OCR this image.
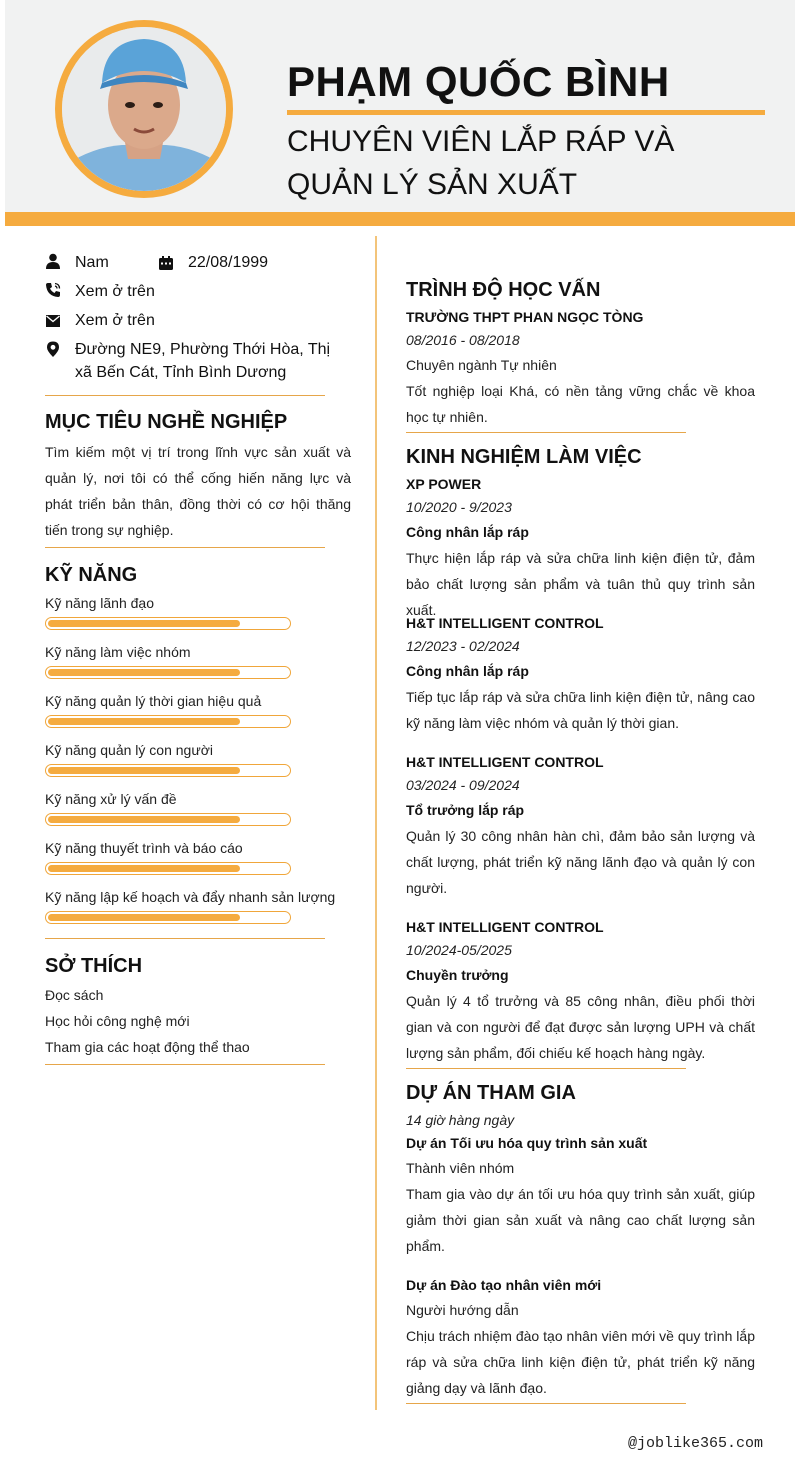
PHẠM QUỐC BÌNH
CHUYÊN VIÊN LẮP RÁP VÀ QUẢN LÝ SẢN XUẤT
Nam	22/08/1999
Xem ở trên
Xem ở trên
Đường NE9, Phường Thới Hòa, Thị xã Bến Cát, Tỉnh Bình Dương
MỤC TIÊU NGHỀ NGHIỆP
Tìm kiếm một vị trí trong lĩnh vực sản xuất và quản lý, nơi tôi có thể cống hiến năng lực và phát triển bản thân, đồng thời có cơ hội thăng tiến trong sự nghiệp.
KỸ NĂNG
Kỹ năng lãnh đạo
Kỹ năng làm việc nhóm
Kỹ năng quản lý thời gian hiệu quả
Kỹ năng quản lý con người
Kỹ năng xử lý vấn đề
Kỹ năng thuyết trình và báo cáo
Kỹ năng lập kế hoạch và đẩy nhanh sản lượng
SỞ THÍCH
Đọc sách
Học hỏi công nghệ mới
Tham gia các hoạt động thể thao
TRÌNH ĐỘ HỌC VẤN
TRƯỜNG THPT PHAN NGỌC TÒNG
08/2016 - 08/2018
Chuyên ngành Tự nhiên
Tốt nghiệp loại Khá, có nền tảng vững chắc về khoa học tự nhiên.
KINH NGHIỆM LÀM VIỆC
XP POWER
10/2020 - 9/2023
Công nhân lắp ráp
Thực hiện lắp ráp và sửa chữa linh kiện điện tử, đảm bảo chất lượng sản phẩm và tuân thủ quy trình sản xuất.
H&T INTELLIGENT CONTROL
12/2023 - 02/2024
Công nhân lắp ráp
Tiếp tục lắp ráp và sửa chữa linh kiện điện tử, nâng cao kỹ năng làm việc nhóm và quản lý thời gian.
H&T INTELLIGENT CONTROL
03/2024 - 09/2024
Tổ trưởng lắp ráp
Quản lý 30 công nhân hàn chì, đảm bảo sản lượng và chất lượng, phát triển kỹ năng lãnh đạo và quản lý con người.
H&T INTELLIGENT CONTROL
10/2024-05/2025
Chuyền trưởng
Quản lý 4 tổ trưởng và 85 công nhân, điều phối thời gian và con người để đạt được sản lượng UPH và chất lượng sản phẩm, đối chiếu kế hoạch hàng ngày.
DỰ ÁN THAM GIA
14 giờ hàng ngày
Dự án Tối ưu hóa quy trình sản xuất
Thành viên nhóm
Tham gia vào dự án tối ưu hóa quy trình sản xuất, giúp giảm thời gian sản xuất và nâng cao chất lượng sản phẩm.
Dự án Đào tạo nhân viên mới
Người hướng dẫn
Chịu trách nhiệm đào tạo nhân viên mới về quy trình lắp ráp và sửa chữa linh kiện điện tử, phát triển kỹ năng giảng dạy và lãnh đạo.
@joblike365.com
